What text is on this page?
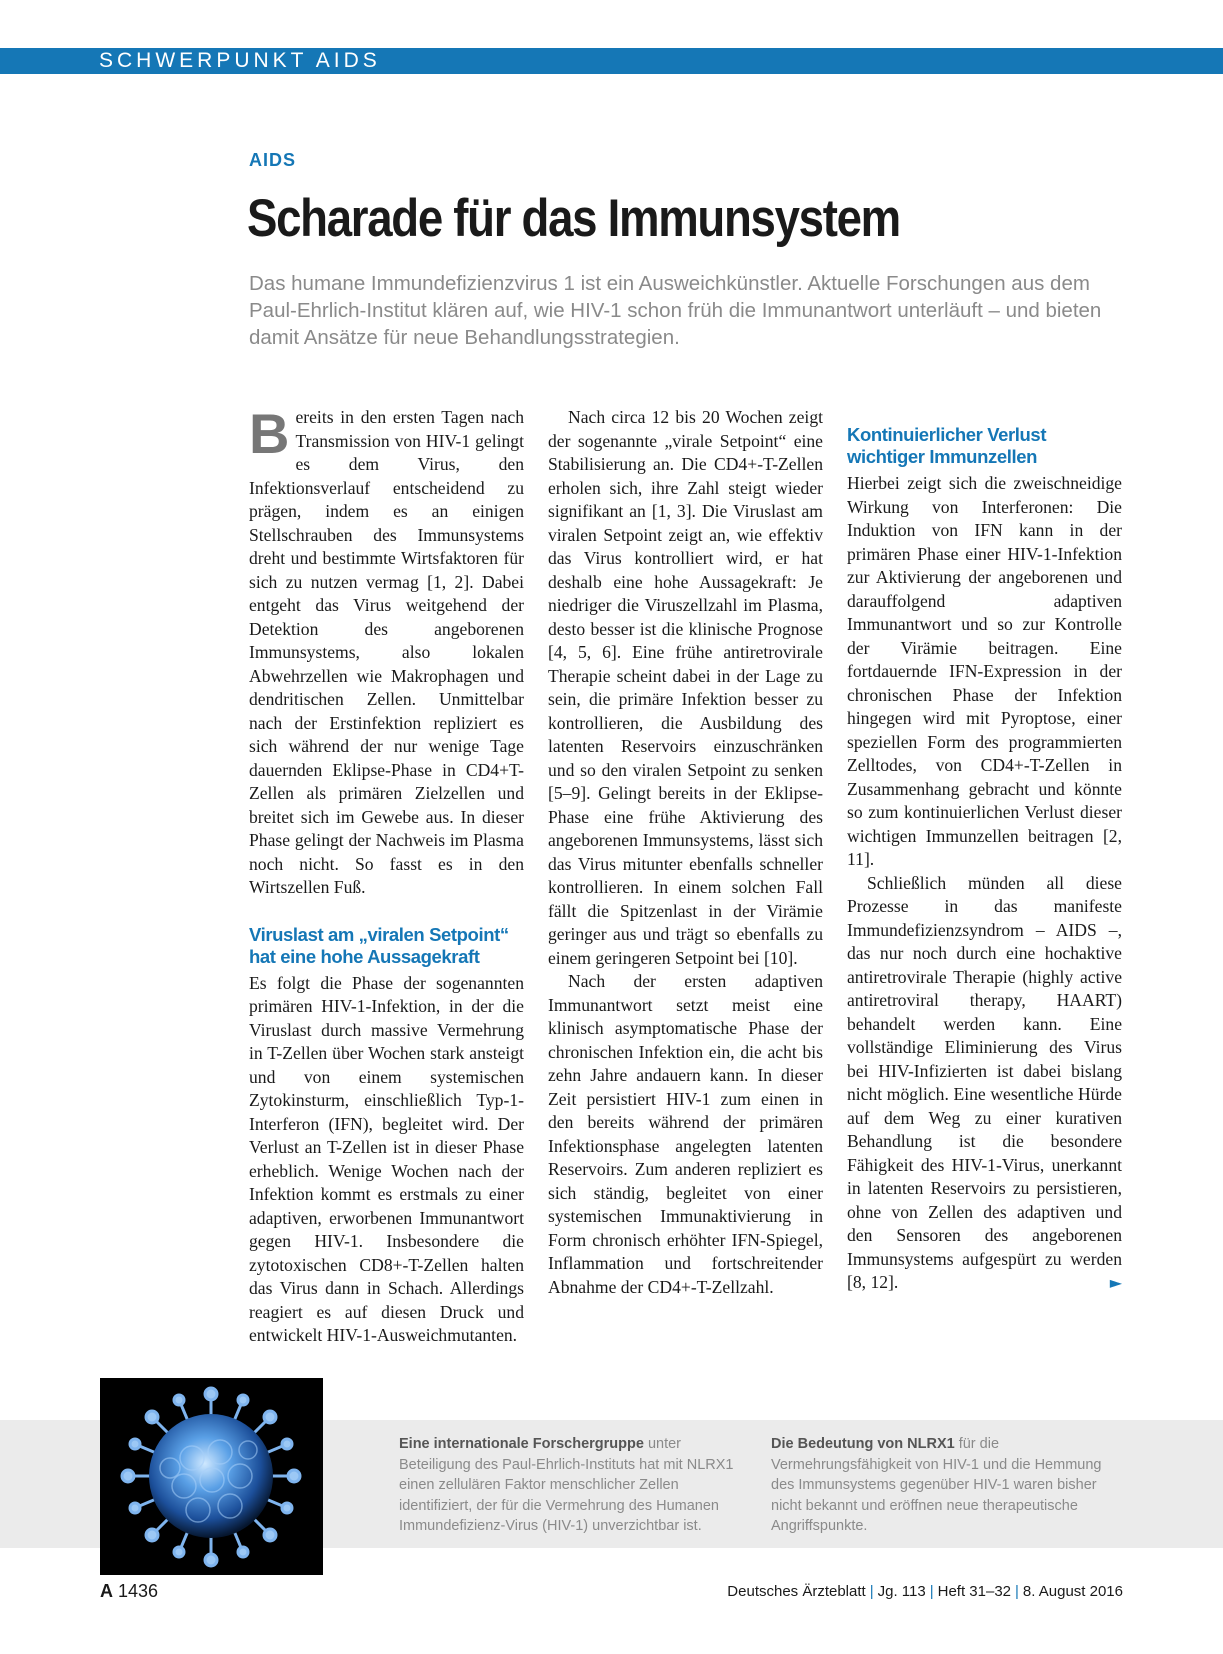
SCHWERPUNKT AIDS
AIDS
Scharade für das Immunsystem

Das humane Immundefizienzvirus 1 ist ein Ausweichkünstler. Aktuelle Forschungen aus dem Paul-Ehrlich-Institut klären auf, wie HIV-1 schon früh die Immunantwort unterläuft – und bieten damit Ansätze für neue Behandlungsstrategien.

Bereits in den ersten Tagen nach Transmission von HIV-1 gelingt es dem Virus, den Infektionsverlauf entscheidend zu prägen, indem es an einigen Stellschrauben des Immunsystems dreht und bestimmte Wirtsfaktoren für sich zu nutzen vermag [1, 2]. Dabei entgeht das Virus weitgehend der Detektion des angeborenen Immunsystems, also lokalen Abwehrzellen wie Makrophagen und dendritischen Zellen. Unmittelbar nach der Erstinfektion repliziert es sich während der nur wenige Tage dauernden Eklipse-Phase in CD4+T-Zellen als primären Zielzellen und breitet sich im Gewebe aus. In dieser Phase gelingt der Nachweis im Plasma noch nicht. So fasst es in den Wirtszellen Fuß.

Viruslast am „viralen Setpoint“ hat eine hohe Aussagekraft

Es folgt die Phase der sogenannten primären HIV-1-Infektion, in der die Viruslast durch massive Vermehrung in T-Zellen über Wochen stark ansteigt und von einem systemischen Zytokinsturm, einschließlich Typ-1-Interferon (IFN), begleitet wird. Der Verlust an T-Zellen ist in dieser Phase erheblich. Wenige Wochen nach der Infektion kommt es erstmals zu einer adaptiven, erworbenen Immunantwort gegen HIV-1. Insbesondere die zytotoxischen CD8+-T-Zellen halten das Virus dann in Schach. Allerdings reagiert es auf diesen Druck und entwickelt HIV-1-Ausweichmutanten.

Nach circa 12 bis 20 Wochen zeigt der sogenannte „virale Setpoint“ eine Stabilisierung an. Die CD4+-T-Zellen erholen sich, ihre Zahl steigt wieder signifikant an [1, 3]. Die Viruslast am viralen Setpoint zeigt an, wie effektiv das Virus kontrolliert wird, er hat deshalb eine hohe Aussagekraft: Je niedriger die Viruszellzahl im Plasma, desto besser ist die klinische Prognose [4, 5, 6]. Eine frühe antiretrovirale Therapie scheint dabei in der Lage zu sein, die primäre Infektion besser zu kontrollieren, die Ausbildung des latenten Reservoirs einzuschränken und so den viralen Setpoint zu senken [5–9]. Gelingt bereits in der Eklipse-Phase eine frühe Aktivierung des angeborenen Immunsystems, lässt sich das Virus mitunter ebenfalls schneller kontrollieren. In einem solchen Fall fällt die Spitzenlast in der Virämie geringer aus und trägt so ebenfalls zu einem geringeren Setpoint bei [10].

Nach der ersten adaptiven Immunantwort setzt meist eine klinisch asymptomatische Phase der chronischen Infektion ein, die acht bis zehn Jahre andauern kann. In dieser Zeit persistiert HIV-1 zum einen in den bereits während der primären Infektionsphase angelegten latenten Reservoirs. Zum anderen repliziert es sich ständig, begleitet von einer systemischen Immunaktivierung in Form chronisch erhöhter IFN-Spiegel, Inflammation und fortschreitender Abnahme der CD4+-T-Zellzahl.

Kontinuierlicher Verlust wichtiger Immunzellen

Hierbei zeigt sich die zweischneidige Wirkung von Interferonen: Die Induktion von IFN kann in der primären Phase einer HIV-1-Infektion zur Aktivierung der angeborenen und darauffolgend adaptiven Immunantwort und so zur Kontrolle der Virämie beitragen. Eine fortdauernde IFN-Expression in der chronischen Phase der Infektion hingegen wird mit Pyroptose, einer speziellen Form des programmierten Zelltodes, von CD4+-T-Zellen in Zusammenhang gebracht und könnte so zum kontinuierlichen Verlust dieser wichtigen Immunzellen beitragen [2, 11].

Schließlich münden all diese Prozesse in das manifeste Immundefizienzsyndrom – AIDS –, das nur noch durch eine hochaktive antiretrovirale Therapie (highly active antiretroviral therapy, HAART) behandelt werden kann. Eine vollständige Eliminierung des Virus bei HIV-Infizierten ist dabei bislang nicht möglich. Eine wesentliche Hürde auf dem Weg zu einer kurativen Behandlung ist die besondere Fähigkeit des HIV-1-Virus, unerkannt in latenten Reservoirs zu persistieren, ohne von Zellen des adaptiven und den Sensoren des angeborenen Immunsystems aufgespürt zu werden [8, 12].	►

Eine internationale Forschergruppe unter Beteiligung des Paul-Ehrlich-Instituts hat mit NLRX1 einen zellulären Faktor menschlicher Zellen identifiziert, der für die Vermehrung des Humanen Immundefizienz-Virus (HIV-1) unverzichtbar ist.

Die Bedeutung von NLRX1 für die Vermehrungsfähigkeit von HIV-1 und die Hemmung des Immunsystems gegenüber HIV-1 waren bisher nicht bekannt und eröffnen neue therapeutische Angriffspunkte.

A 1436	Deutsches Ärzteblatt | Jg. 113 | Heft 31–32 | 8. August 2016
